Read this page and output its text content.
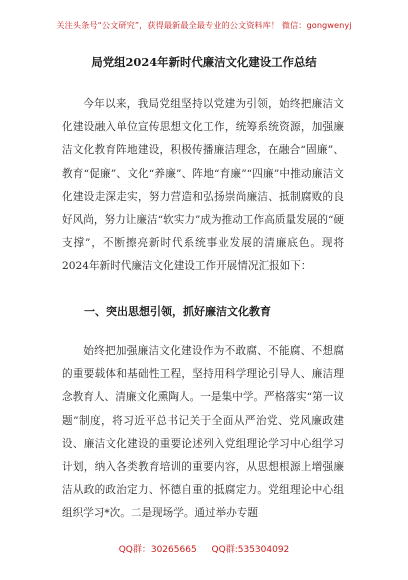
关注头条号“公文研究”，获得最新最全最专业的公文资料库！ 微信：gongwenyj
局党组2024年新时代廉洁文化建设工作总结

今年以来，我局党组坚持以党建为引领，始终把廉洁文化建设融入单位宣传思想文化工作，统筹系统资源，加强廉洁文化教育阵地建设，积极传播廉洁理念，在融合“固廉”、教育“促廉”、文化“养廉”、阵地“育廉”“四廉”中推动廉洁文化建设走深走实，努力营造和弘扬崇尚廉洁、抵制腐败的良好风尚，努力让廉洁“软实力”成为推动工作高质量发展的“硬支撑”，不断擦亮新时代系统事业发展的清廉底色。现将2024年新时代廉洁文化建设工作开展情况汇报如下：

一、突出思想引领，抓好廉洁文化教育

始终把加强廉洁文化建设作为不敢腐、不能腐、不想腐的重要载体和基础性工程，坚持用科学理论引导人、廉洁理念教育人、清廉文化熏陶人。一是集中学。严格落实“第一议题”制度，将习近平总书记关于全面从严治党、党风廉政建设、廉洁文化建设的重要论述列入党组理论学习中心组学习计划，纳入各类教育培训的重要内容，从思想根源上增强廉洁从政的政治定力、怀德自重的抵腐定力。党组理论中心组组织学习*次。二是现场学。通过举办专题

QQ群：30265665 QQ群:535304092
